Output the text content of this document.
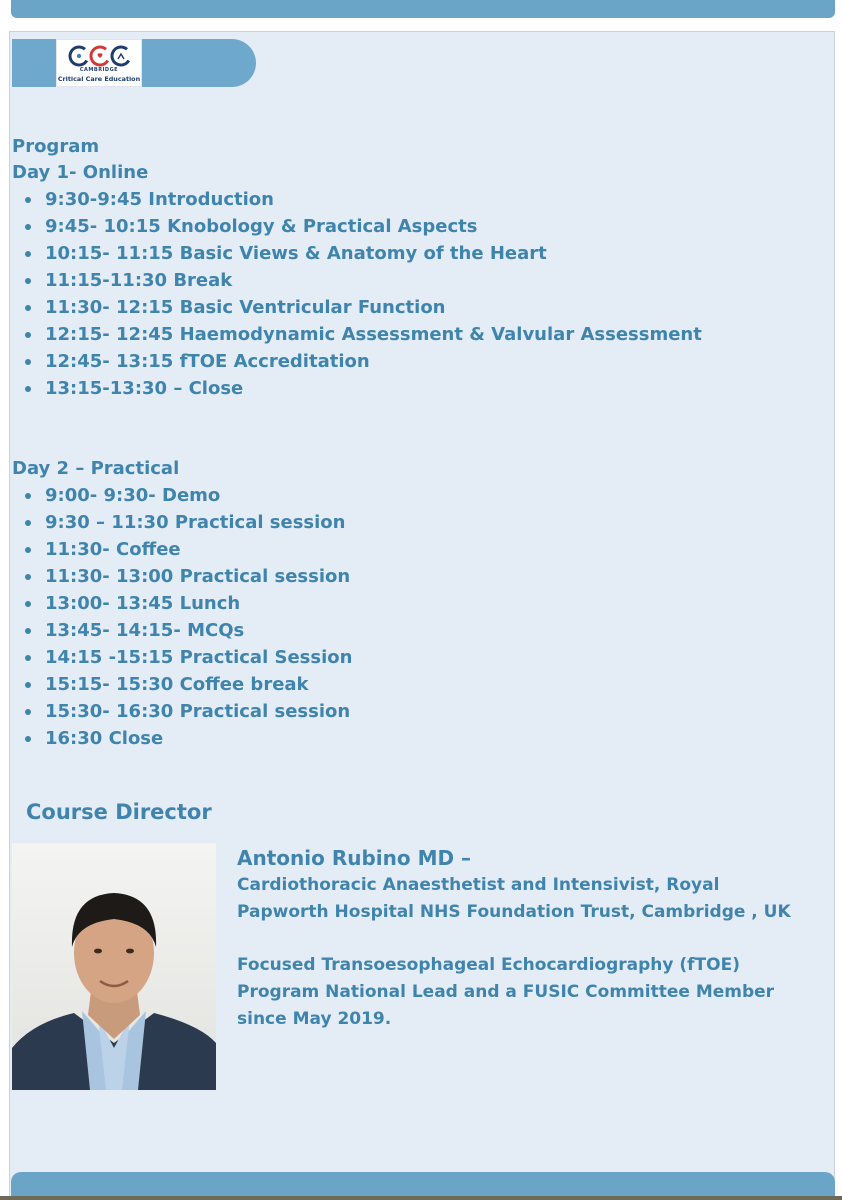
CAMBRIDGE
Critical Care Education

Program

Day 1- Online

9:30-9:45 Introduction
9:45- 10:15 Knobology & Practical Aspects
10:15- 11:15 Basic Views & Anatomy of the Heart
11:15-11:30 Break
11:30- 12:15 Basic Ventricular Function
12:15- 12:45 Haemodynamic Assessment & Valvular Assessment
12:45- 13:15 fTOE Accreditation
13:15-13:30 – Close

Day 2 – Practical

9:00- 9:30- Demo
9:30 – 11:30 Practical session
11:30- Coffee
11:30- 13:00 Practical session
13:00- 13:45 Lunch
13:45- 14:15- MCQs
14:15 -15:15 Practical Session
15:15- 15:30 Coffee break
15:30- 16:30 Practical session
16:30 Close
Course Director
Antonio Rubino MD –
Cardiothoracic Anaesthetist and Intensivist, Royal
Papworth Hospital NHS Foundation Trust, Cambridge , UK
Focused Transoesophageal Echocardiography (fTOE)
Program National Lead and a FUSIC Committee Member
since May 2019.
